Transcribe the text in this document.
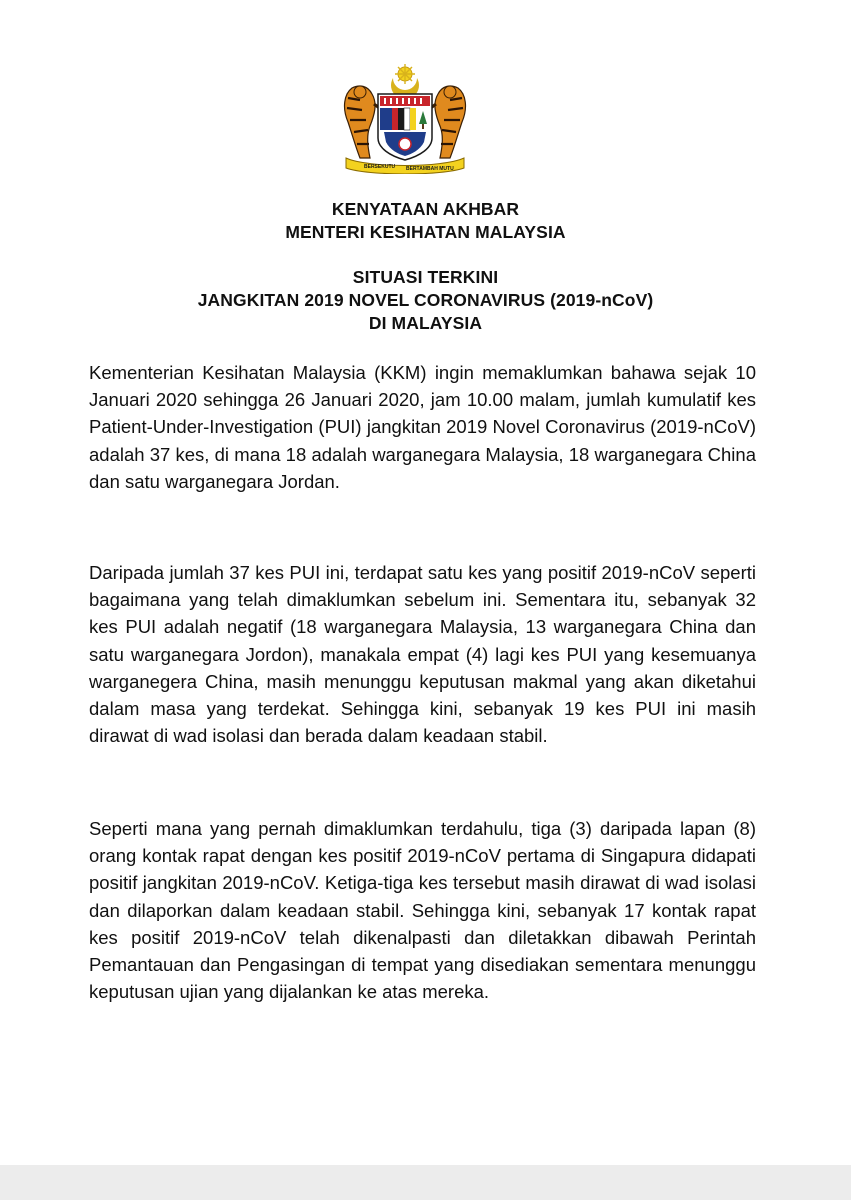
BERSEKUTU BERTAMBAH MUTU
KENYATAAN AKHBAR
MENTERI KESIHATAN MALAYSIA
SITUASI TERKINI
JANGKITAN 2019 NOVEL CORONAVIRUS (2019-nCoV)
DI MALAYSIA

Kementerian Kesihatan Malaysia (KKM) ingin memaklumkan bahawa sejak 10 Januari 2020 sehingga 26 Januari 2020, jam 10.00 malam, jumlah kumulatif kes Patient-Under-Investigation (PUI) jangkitan 2019 Novel Coronavirus (2019-nCoV) adalah 37 kes, di mana 18 adalah warganegara Malaysia, 18 warganegara China dan satu warganegara Jordan.

Daripada jumlah 37 kes PUI ini, terdapat satu kes yang positif 2019-nCoV seperti bagaimana yang telah dimaklumkan sebelum ini. Sementara itu, sebanyak 32 kes PUI adalah negatif (18 warganegara Malaysia, 13 warganegara China dan satu warganegara Jordon), manakala empat (4) lagi kes PUI yang kesemuanya warganegera China, masih menunggu keputusan makmal yang akan diketahui dalam masa yang terdekat. Sehingga kini, sebanyak 19 kes PUI ini masih dirawat di wad isolasi dan berada dalam keadaan stabil.

Seperti mana yang pernah dimaklumkan terdahulu, tiga (3) daripada lapan (8) orang kontak rapat dengan kes positif 2019-nCoV pertama di Singapura didapati positif jangkitan 2019-nCoV. Ketiga-tiga kes tersebut masih dirawat di wad isolasi dan dilaporkan dalam keadaan stabil. Sehingga kini, sebanyak 17 kontak rapat kes positif 2019-nCoV telah dikenalpasti dan diletakkan dibawah Perintah Pemantauan dan Pengasingan di tempat yang disediakan sementara menunggu keputusan ujian yang dijalankan ke atas mereka.
